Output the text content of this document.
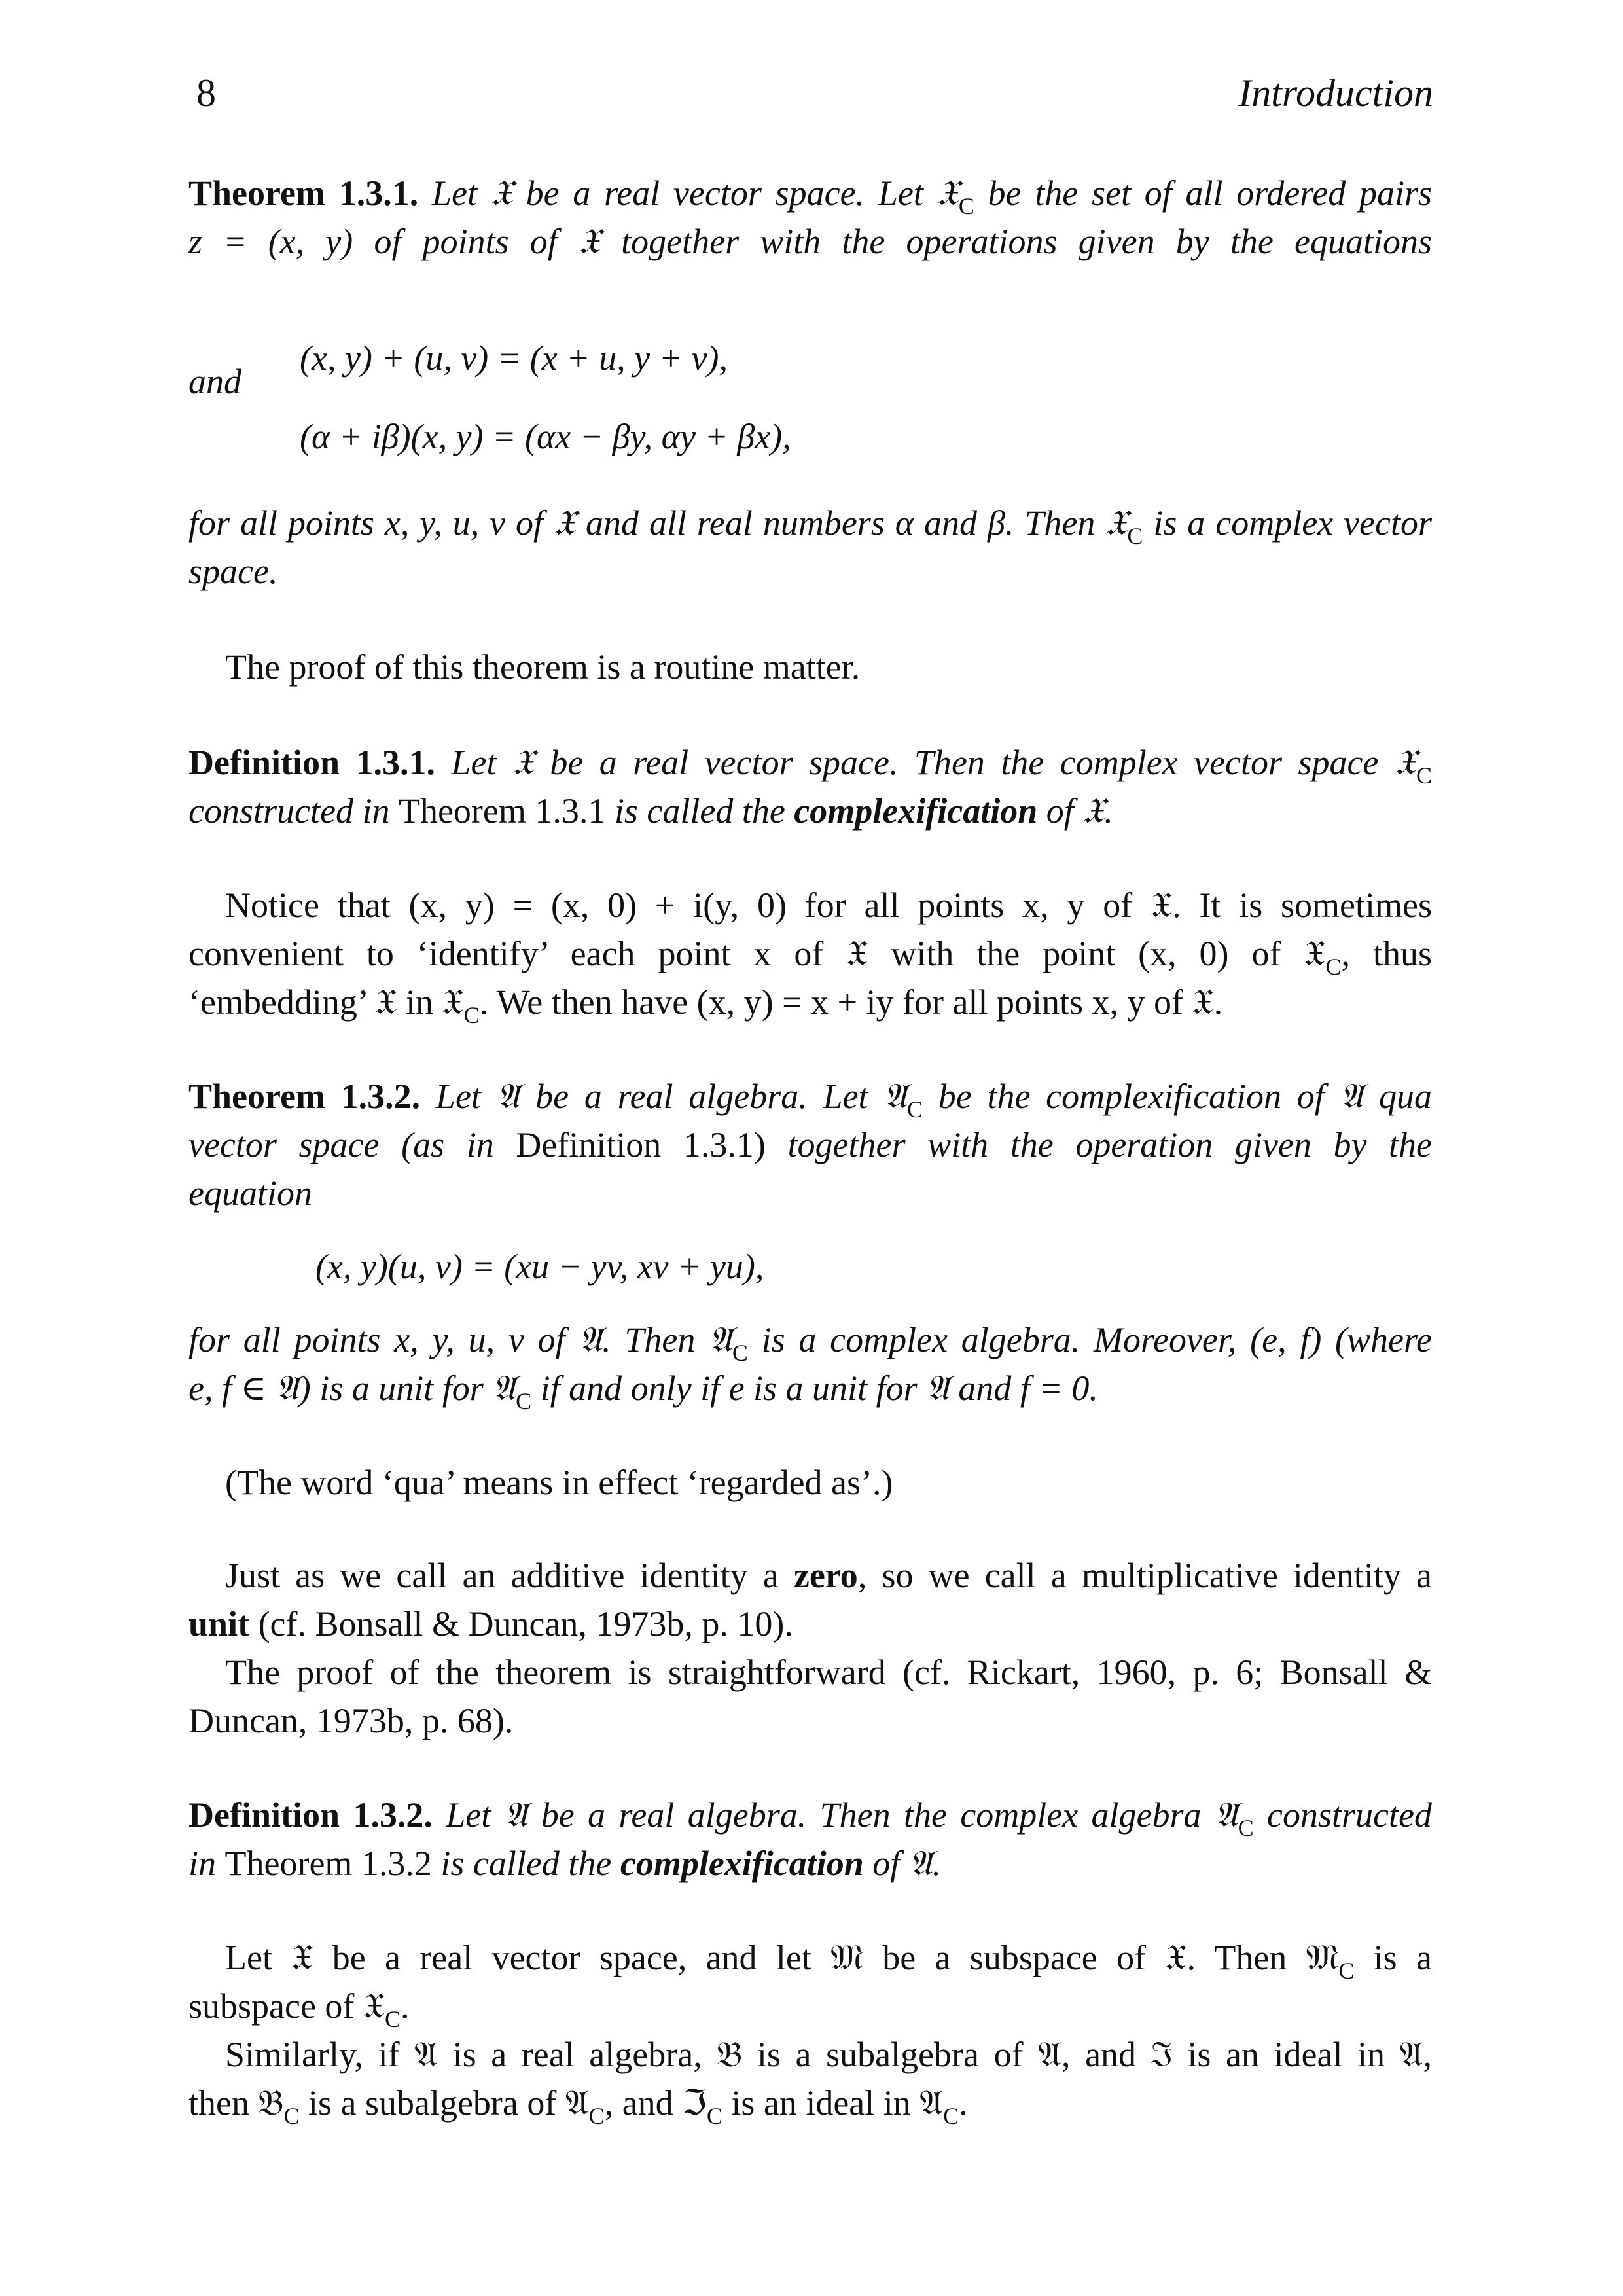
8	Introduction
Theorem 1.3.1. Let 𝔛 be a real vector space. Let 𝔛$_C$ be the set of all ordered pairs
z = (x, y) of points of 𝔛 together with the operations given by the equations
(x, y) + (u, v) = (x + u, y + v),
and
(α + iβ)(x, y) = (αx − βy, αy + βx),
for all points x, y, u, v of 𝔛 and all real numbers α and β. Then 𝔛$_C$ is a complex vector
space.
The proof of this theorem is a routine matter.
Definition 1.3.1. Let 𝔛 be a real vector space. Then the complex vector space 𝔛$_C$
constructed in Theorem 1.3.1 is called the complexification of 𝔛.
Notice that (x, y) = (x, 0) + i(y, 0) for all points x, y of 𝔛. It is sometimes
convenient to ‘identify’ each point x of 𝔛 with the point (x, 0) of 𝔛$_C$, thus
‘embedding’ 𝔛 in 𝔛$_C$. We then have (x, y) = x + iy for all points x, y of 𝔛.
Theorem 1.3.2. Let 𝔄 be a real algebra. Let 𝔄$_C$ be the complexification of 𝔄 qua
vector space (as in Definition 1.3.1) together with the operation given by the
equation
(x, y)(u, v) = (xu − yv, xv + yu),
for all points x, y, u, v of 𝔄. Then 𝔄$_C$ is a complex algebra. Moreover, (e, f) (where
e, f ∈ 𝔄) is a unit for 𝔄$_C$ if and only if e is a unit for 𝔄 and f = 0.
(The word ‘qua’ means in effect ‘regarded as’.)
Just as we call an additive identity a zero, so we call a multiplicative identity a
unit (cf. Bonsall & Duncan, 1973b, p. 10).
The proof of the theorem is straightforward (cf. Rickart, 1960, p. 6; Bonsall &
Duncan, 1973b, p. 68).
Definition 1.3.2. Let 𝔄 be a real algebra. Then the complex algebra 𝔄$_C$ constructed
in Theorem 1.3.2 is called the complexification of 𝔄.
Let 𝔛 be a real vector space, and let 𝔐 be a subspace of 𝔛. Then 𝔐$_C$ is a
subspace of 𝔛$_C$.
Similarly, if 𝔄 is a real algebra, 𝔅 is a subalgebra of 𝔄, and ℑ is an ideal in 𝔄,
then 𝔅$_C$ is a subalgebra of 𝔄$_C$, and ℑ$_C$ is an ideal in 𝔄$_C$.
